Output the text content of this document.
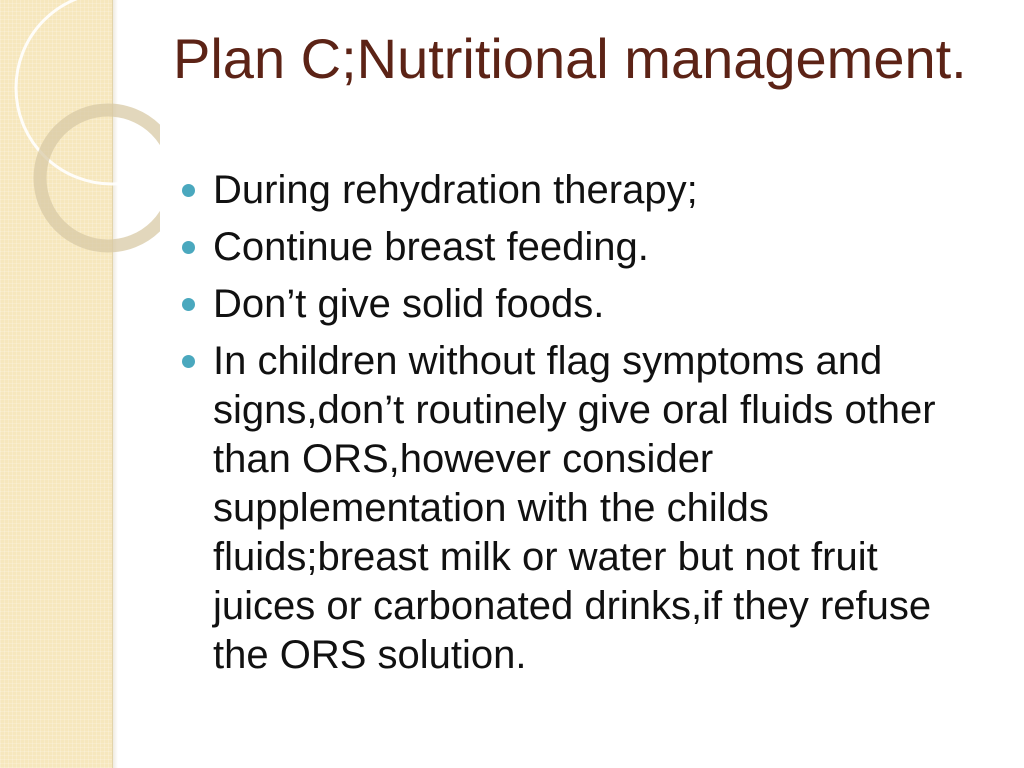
Plan C;Nutritional management.
During rehydration therapy;
Continue breast feeding.
Don’t give solid foods.
In children without flag symptoms and signs,don’t routinely give oral fluids other than ORS,however consider supplementation with the childs fluids;breast milk or water but not fruit juices or carbonated drinks,if they refuse the ORS solution.
